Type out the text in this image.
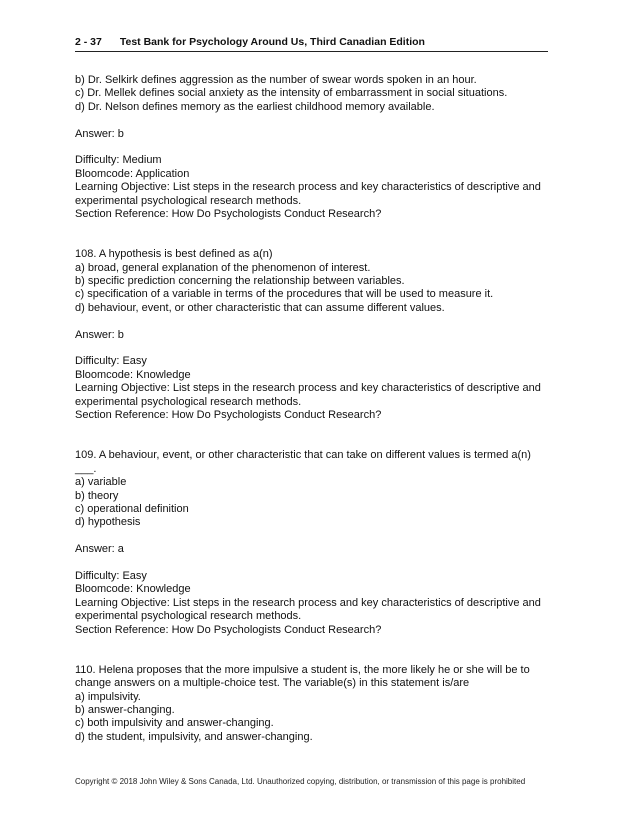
2 - 37 Test Bank for Psychology Around Us, Third Canadian Edition
b) Dr. Selkirk defines aggression as the number of swear words spoken in an hour.
c) Dr. Mellek defines social anxiety as the intensity of embarrassment in social situations.
d) Dr. Nelson defines memory as the earliest childhood memory available.
Answer: b
Difficulty: Medium
Bloomcode: Application
Learning Objective: List steps in the research process and key characteristics of descriptive and
experimental psychological research methods.
Section Reference: How Do Psychologists Conduct Research?
108. A hypothesis is best defined as a(n)
a) broad, general explanation of the phenomenon of interest.
b) specific prediction concerning the relationship between variables.
c) specification of a variable in terms of the procedures that will be used to measure it.
d) behaviour, event, or other characteristic that can assume different values.
Answer: b
Difficulty: Easy
Bloomcode: Knowledge
Learning Objective: List steps in the research process and key characteristics of descriptive and
experimental psychological research methods.
Section Reference: How Do Psychologists Conduct Research?
109. A behaviour, event, or other characteristic that can take on different values is termed a(n)
___.
a) variable
b) theory
c) operational definition
d) hypothesis
Answer: a
Difficulty: Easy
Bloomcode: Knowledge
Learning Objective: List steps in the research process and key characteristics of descriptive and
experimental psychological research methods.
Section Reference: How Do Psychologists Conduct Research?
110. Helena proposes that the more impulsive a student is, the more likely he or she will be to
change answers on a multiple-choice test. The variable(s) in this statement is/are
a) impulsivity.
b) answer-changing.
c) both impulsivity and answer-changing.
d) the student, impulsivity, and answer-changing.
Copyright © 2018 John Wiley & Sons Canada, Ltd. Unauthorized copying, distribution, or transmission of this page is prohibited
